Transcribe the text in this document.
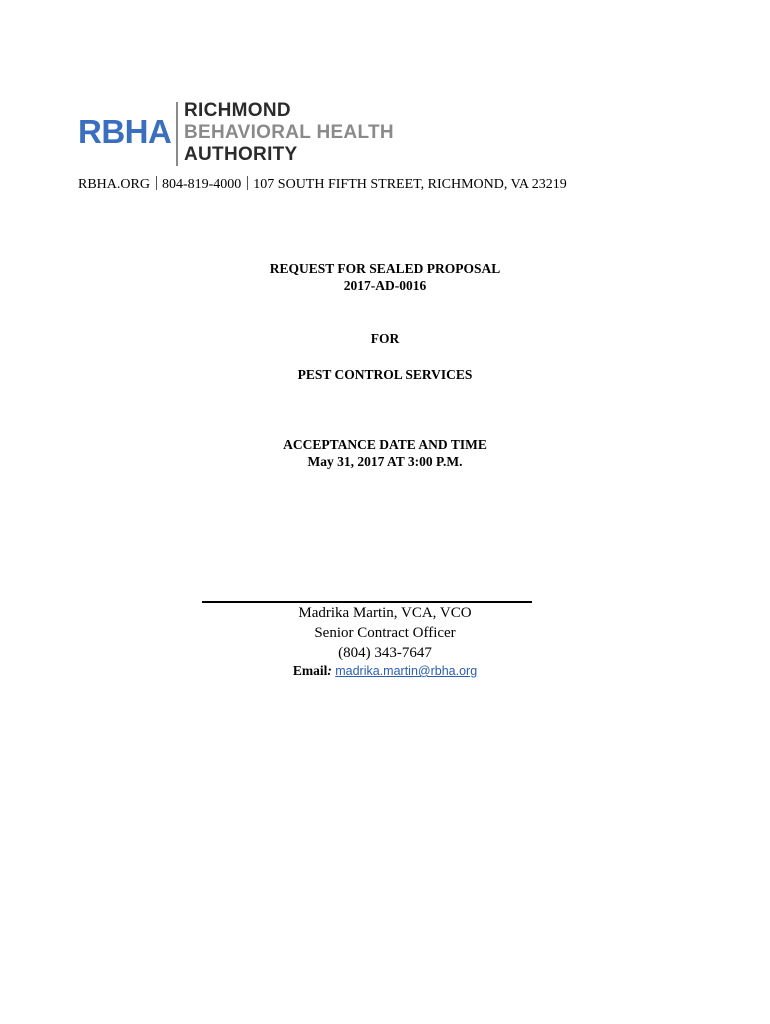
RBHA
RICHMOND
BEHAVIORAL HEALTH
AUTHORITY
RBHA.ORG 804-819-4000 107 SOUTH FIFTH STREET, RICHMOND, VA 23219
REQUEST FOR SEALED PROPOSAL
2017-AD-0016
FOR
PEST CONTROL SERVICES
ACCEPTANCE DATE AND TIME
May 31, 2017 AT 3:00 P.M.
Madrika Martin, VCA, VCO
Senior Contract Officer
(804) 343-7647
Email: madrika.martin@rbha.org
